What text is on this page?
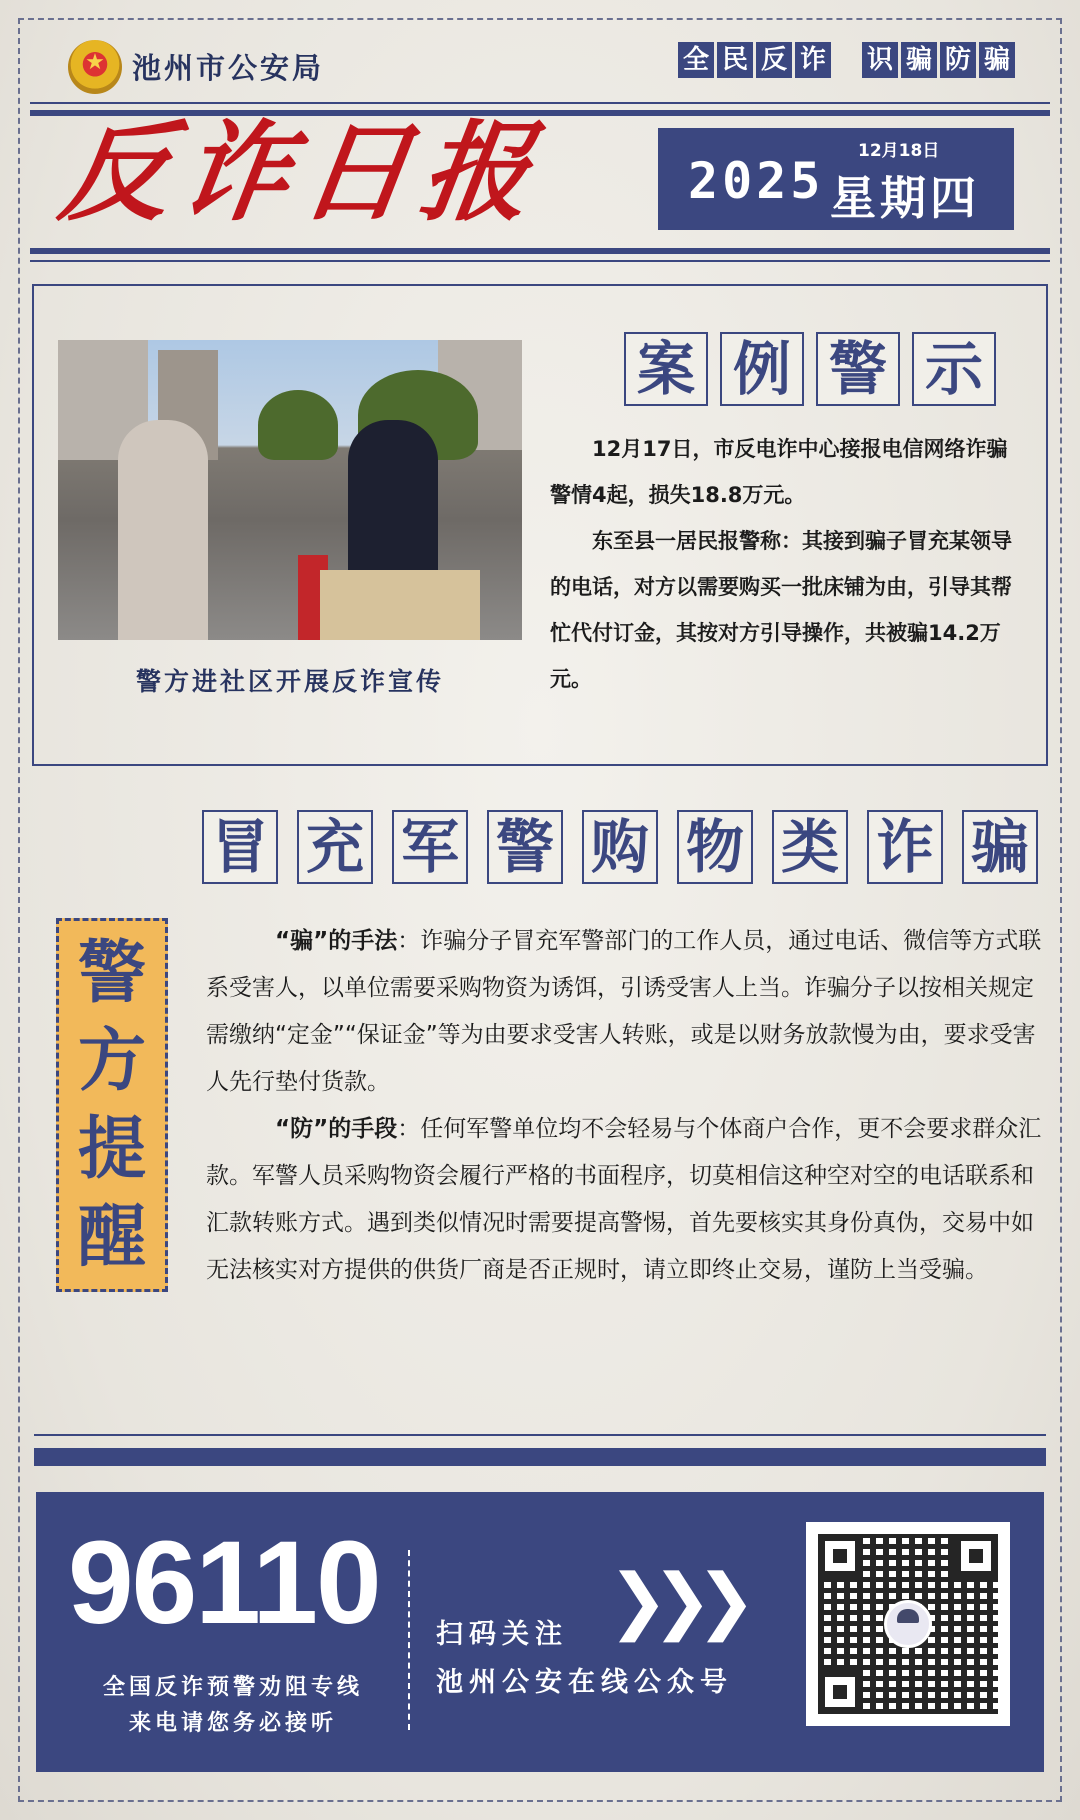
★ 池州市公安局	全 民 反 诈 识 骗 防 骗
反
诈
日
报	12月18日
2025 星期四
警方进社区开展反诈宣传
案 例 警 示

12月17日，市反电诈中心接报电信网络诈骗警情4起，损失18.8万元。

东至县一居民报警称：其接到骗子冒充某领导的电话，对方以需要购买一批床铺为由，引导其帮忙代付订金，其按对方引导操作，共被骗14.2万元。

冒 充 军 警 购 物 类 诈 骗
警
方
提
醒

“骗”的手法：诈骗分子冒充军警部门的工作人员，通过电话、微信等方式联系受害人，以单位需要采购物资为诱饵，引诱受害人上当。诈骗分子以按相关规定需缴纳“定金”“保证金”等为由要求受害人转账，或是以财务放款慢为由，要求受害人先行垫付货款。

“防”的手段：任何军警单位均不会轻易与个体商户合作，更不会要求群众汇款。军警人员采购物资会履行严格的书面程序，切莫相信这种空对空的电话联系和汇款转账方式。遇到类似情况时需要提高警惕，首先要核实其身份真伪，交易中如无法核实对方提供的供货厂商是否正规时，请立即终止交易，谨防上当受骗。

96110
全国反诈预警劝阻专线
来电请您务必接听
❯
❯
❯
扫码关注
池州公安在线公众号
